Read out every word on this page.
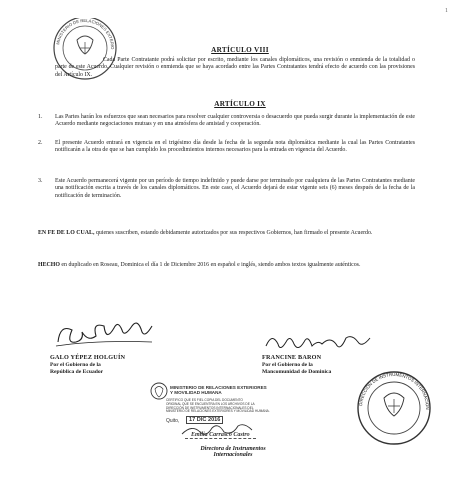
1
MINISTERIO DE RELACIONES EXTERIO	ARTÍCULO VIII
Cada Parte Contratante podrá solicitar por escrito, mediante los canales diplomáticos, una revisión o enmienda de la totalidad o parte de este Acuerdo. Cualquier revisión o enmienda que se haya acordado entre las Partes Contratantes tendrá efecto de acuerdo con las provisiones del Artículo IX.
ARTÍCULO IX
1. Las Partes harán los esfuerzos que sean necesarios para resolver cualquier controversia o desacuerdo que pueda surgir durante la implementación de este Acuerdo mediante negociaciones mutuas y en una atmósfera de amistad y cooperación.
2. El presente Acuerdo entrará en vigencia en el trigésimo día desde la fecha de la segunda nota diplomática mediante la cual las Partes Contratantes notificarán a la otra de que se han cumplido los procedimientos internos necesarios para la entrada en vigencia del Acuerdo.
3. Este Acuerdo permanecerá vigente por un período de tiempo indefinido y puede darse por terminado por cualquiera de las Partes Contratantes mediante una notificación escrita a través de los canales diplomáticos. En este caso, el Acuerdo dejará de estar vigente seis (6) meses después de la fecha de la notificación de terminación.
EN FE DE LO CUAL, quienes suscriben, estando debidamente autorizados por sus respectivos Gobiernos, han firmado el presente Acuerdo.
HECHO en duplicado en Roseau, Dominica el día 1 de Diciembre 2016 en español e inglés, siendo ambos textos igualmente auténticos.
GALO YÉPEZ HOLGUÍN
Por el Gobierno de la
República de Ecuador
FRANCINE BARON
Por el Gobierno de la
Mancomunidad de Dominica
DIRECCIÓN DE INSTRUMENTOS INTERNACION
MINISTERIO DE RELACIONES EXTERIORES
Y MOVILIDAD HUMANA
CERTIFICO QUE ES FIEL COPIA DEL DOCUMENTO
ORIGINAL QUE SE ENCUENTRA EN LOS ARCHIVOS DE LA
DIRECCIÓN DE INSTRUMENTOS INTERNACIONALES DEL
MINISTERIO DE RELACIONES EXTERIORES Y MOVILIDAD HUMANA.
Quito,	17 DIC 2016
Emilia Carrasco Castro
Directora de Instrumentos
Internacionales
